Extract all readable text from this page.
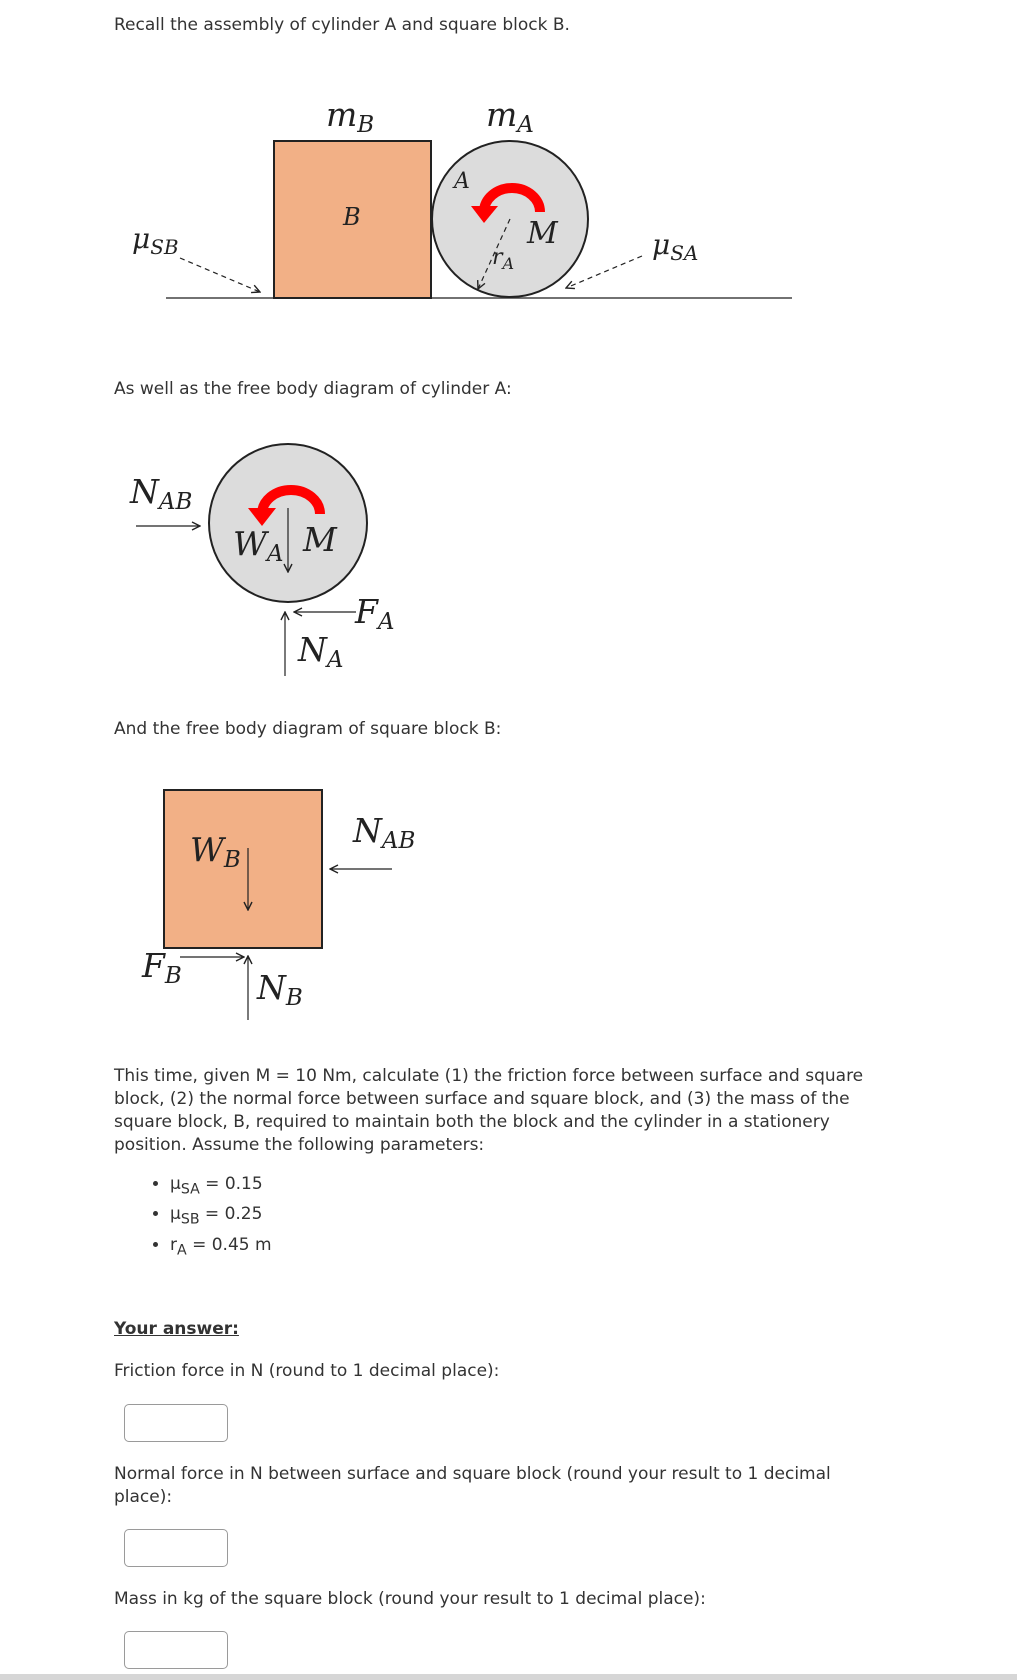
Recall the assembly of cylinder A and square block B.

mB	mA
B
A
M
$r_A$
$\mu_SB$	$\mu_SA$

As well as the free body diagram of cylinder A:

NAB
WA M
FA
NA

And the free body diagram of square block B:

WB
NAB
FB NB

This time, given M = 10 Nm, calculate (1) the friction force between surface and square block, (2) the normal force between surface and square block, and (3) the mass of the square block, B, required to maintain both the block and the cylinder in a stationery position. Assume the following parameters:

• $\mu_{SA} = 0.15$
• $\mu_{SB} = 0.25$
• $r_A = 0.45$ m

Your answer:

Friction force in N (round to 1 decimal place):

Normal force in N between surface and square block (round your result to 1 decimal place):

Mass in kg of the square block (round your result to 1 decimal place):
